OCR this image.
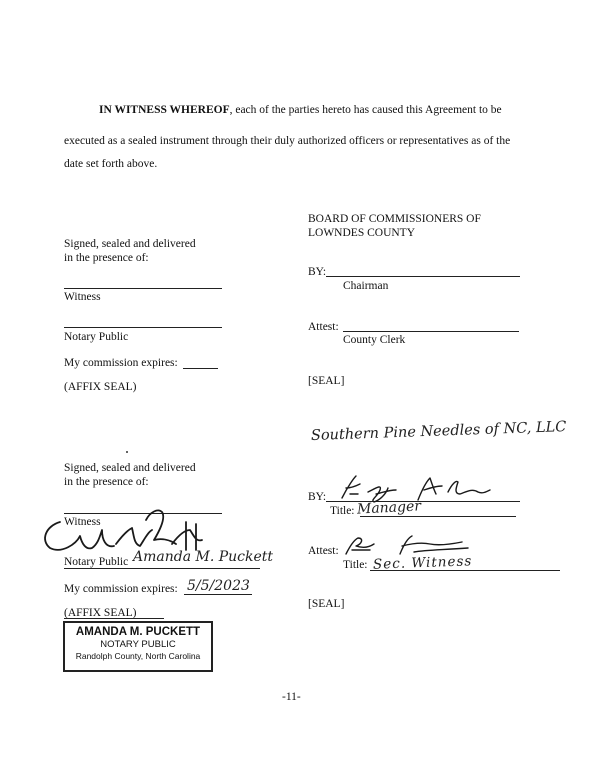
IN WITNESS WHEREOF, each of the parties hereto has caused this Agreement to be
executed as a sealed instrument through their duly authorized officers or representatives as of the
date set forth above.
BOARD OF COMMISSIONERS OF
LOWNDES COUNTY
BY:
Chairman
Attest:
County Clerk
[SEAL]
Signed, sealed and delivered
in the presence of:
Witness
Notary Public
My commission expires:
(AFFIX SEAL)
Southern Pine Needles of NC, LLC
BY:
Title: Manager
Attest:
Title: Sec. Witness
[SEAL]
Signed, sealed and delivered
in the presence of:
Witness
Notary Public Amanda M. Puckett
My commission expires: 5/5/2023
(AFFIX SEAL)
AMANDA M. PUCKETT
NOTARY PUBLIC
Randolph County, North Carolina
-11-
